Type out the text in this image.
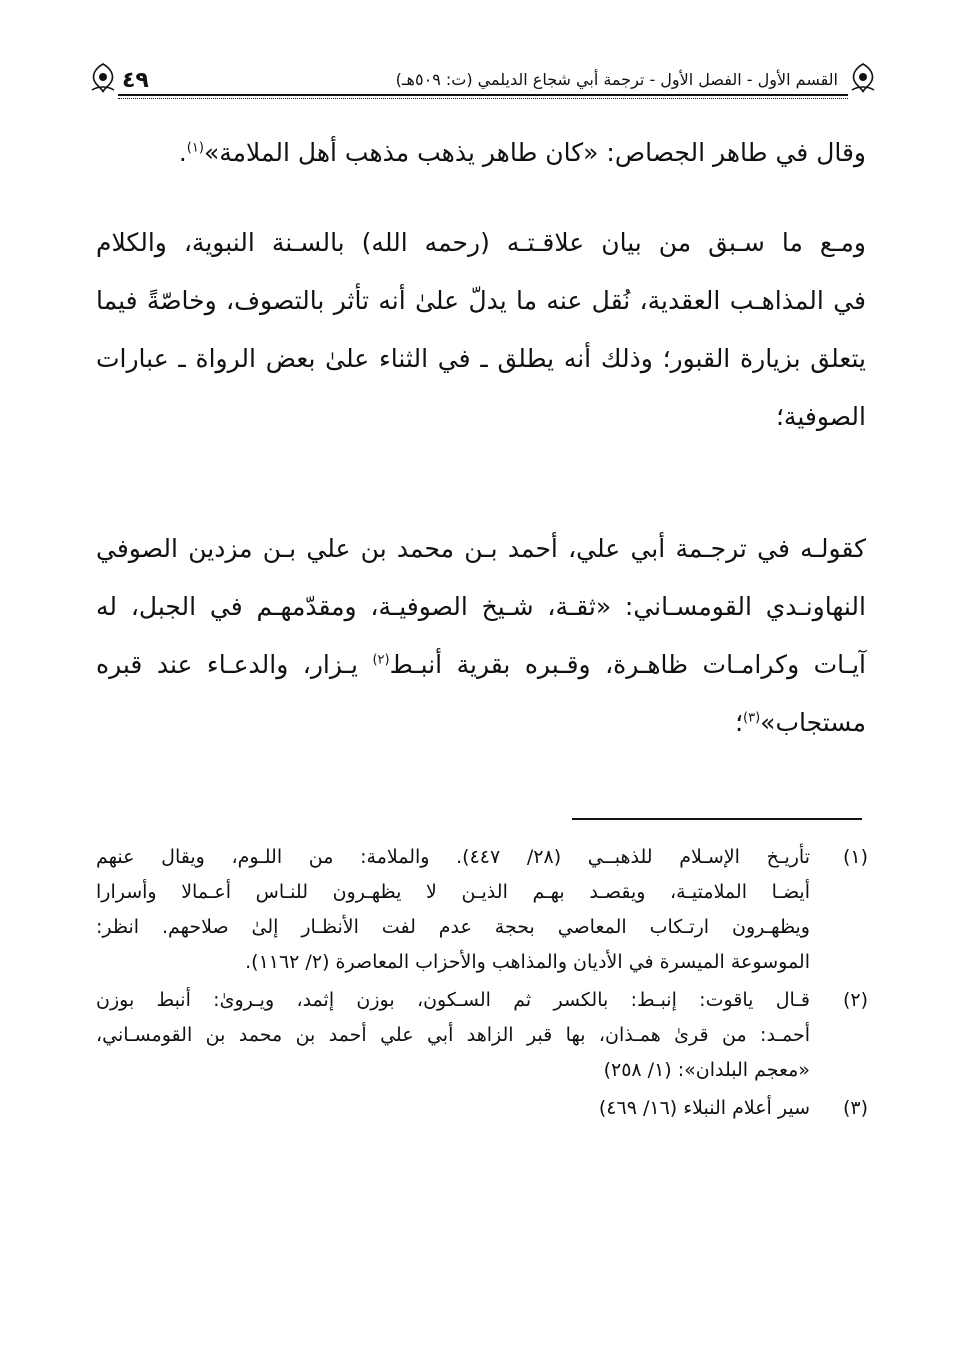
٤٩	القسم الأول - الفصل الأول - ترجمة أبي شجاع الديلمي (ت: ٥٠٩هـ)
وقال في طاهر الجصاص: «كان طاهر يذهب مذهب أهل الملامة»$^{(١)}$.
ومـع ما سـبق من بيان علاقـتـه (رحمه الله) بالسـنة النبوية، والكلام
في المذاهـب العقدية، نُقل عنه ما يدلّ علىٰ أنه تأثر بالتصوف، وخاصّةً فيما
يتعلق بزيارة القبور؛ وذلك أنه يطلق ـ في الثناء علىٰ بعض الرواة ـ عبارات
الصوفية؛
كقولـه في ترجـمة أبي علي، أحمد بـن محمد بن علي بـن مزدين الصوفي
النهاونـدي القومسـاني: «ثقـة، شـيخ الصوفيـة، ومقدّمهـم في الجبل، له
آيـات وكرامـات ظاهـرة، وقـبره بقرية أنبـط$^{(٢)}$ يـزار، والدعـاء عند قبره
مستجاب»$^{(٣)}$؛
(١)
تأريـخ الإسـلام للذهبــي (٢٨/ ٤٤٧). والملامة: من اللـوم، ويقال عنهم
أيضـا الملامتيـة، ويقصـد بهـم الذيـن لا يظهـرون للنـاس أعـمالا وأسرارا
ويظهـرون ارتـكاب المعاصي بحجة عدم لفت الأنظـار إلىٰ صلاحهم. انظر:
الموسوعة الميسرة في الأديان والمذاهب والأحزاب المعاصرة (٢/ ١١٦٢).
(٢)
قـال ياقوت: إنبـط: بالكسر ثم السـكون، بوزن إثمد، ويـرویٰ: أنبط بوزن
أحمـد: من قرىٰ همـذان، بها قبر الزاهد أبي علي أحمد بن محمد بن القومسـاني،
«معجم البلدان»: (١/ ٢٥٨)
(٣)
سير أعلام النبلاء (١٦/ ٤٦٩)
